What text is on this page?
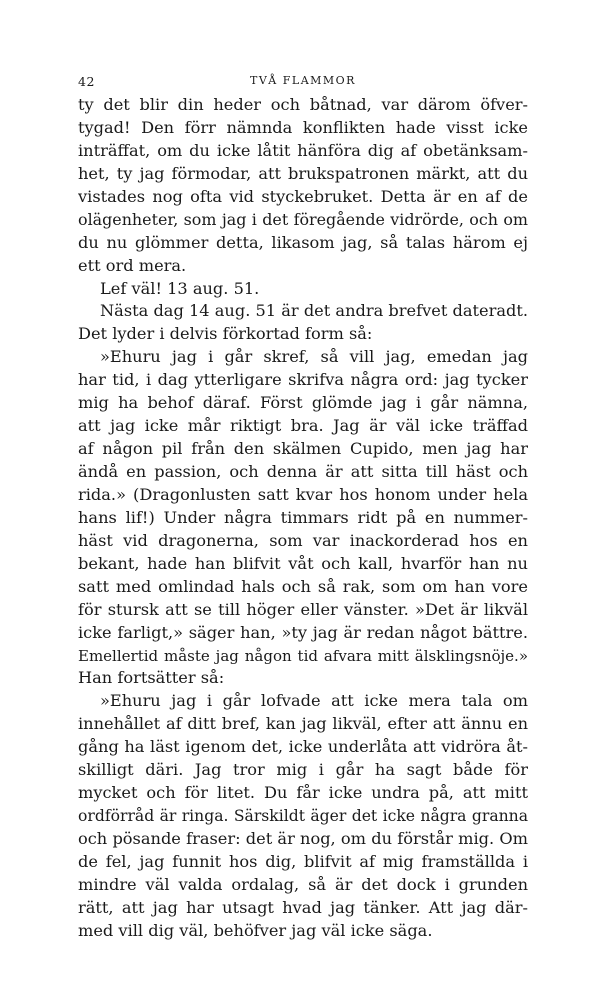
42	TVÅ FLAMMOR
ty det blir din heder och båtnad, var därom öfver-
tygad! Den förr nämnda konflikten hade visst icke
inträffat, om du icke låtit hänföra dig af obetänksam-
het, ty jag förmodar, att brukspatronen märkt, att du
vistades nog ofta vid styckebruket. Detta är en af de
olägenheter, som jag i det föregående vidrörde, och om
du nu glömmer detta, likasom jag, så talas härom ej
ett ord mera.
Lef väl! 13 aug. 51.
Nästa dag 14 aug. 51 är det andra brefvet dateradt.
Det lyder i delvis förkortad form så:
»Ehuru jag i går skref, så vill jag, emedan jag
har tid, i dag ytterligare skrifva några ord: jag tycker
mig ha behof däraf. Först glömde jag i går nämna,
att jag icke mår riktigt bra. Jag är väl icke träffad
af någon pil från den skälmen Cupido, men jag har
ändå en passion, och denna är att sitta till häst och
rida.» (Dragonlusten satt kvar hos honom under hela
hans lif!) Under några timmars ridt på en nummer-
häst vid dragonerna, som var inackorderad hos en
bekant, hade han blifvit våt och kall, hvarför han nu
satt med omlindad hals och så rak, som om han vore
för stursk att se till höger eller vänster. »Det är likväl
icke farligt,» säger han, »ty jag är redan något bättre.
Emellertid måste jag någon tid afvara mitt älsklingsnöje.»
Han fortsätter så:
»Ehuru jag i går lofvade att icke mera tala om
innehållet af ditt bref, kan jag likväl, efter att ännu en
gång ha läst igenom det, icke underlåta att vidröra åt-
skilligt däri. Jag tror mig i går ha sagt både för
mycket och för litet. Du får icke undra på, att mitt
ordförråd är ringa. Särskildt äger det icke några granna
och pösande fraser: det är nog, om du förstår mig. Om
de fel, jag funnit hos dig, blifvit af mig framställda i
mindre väl valda ordalag, så är det dock i grunden
rätt, att jag har utsagt hvad jag tänker. Att jag där-
med vill dig väl, behöfver jag väl icke säga.
